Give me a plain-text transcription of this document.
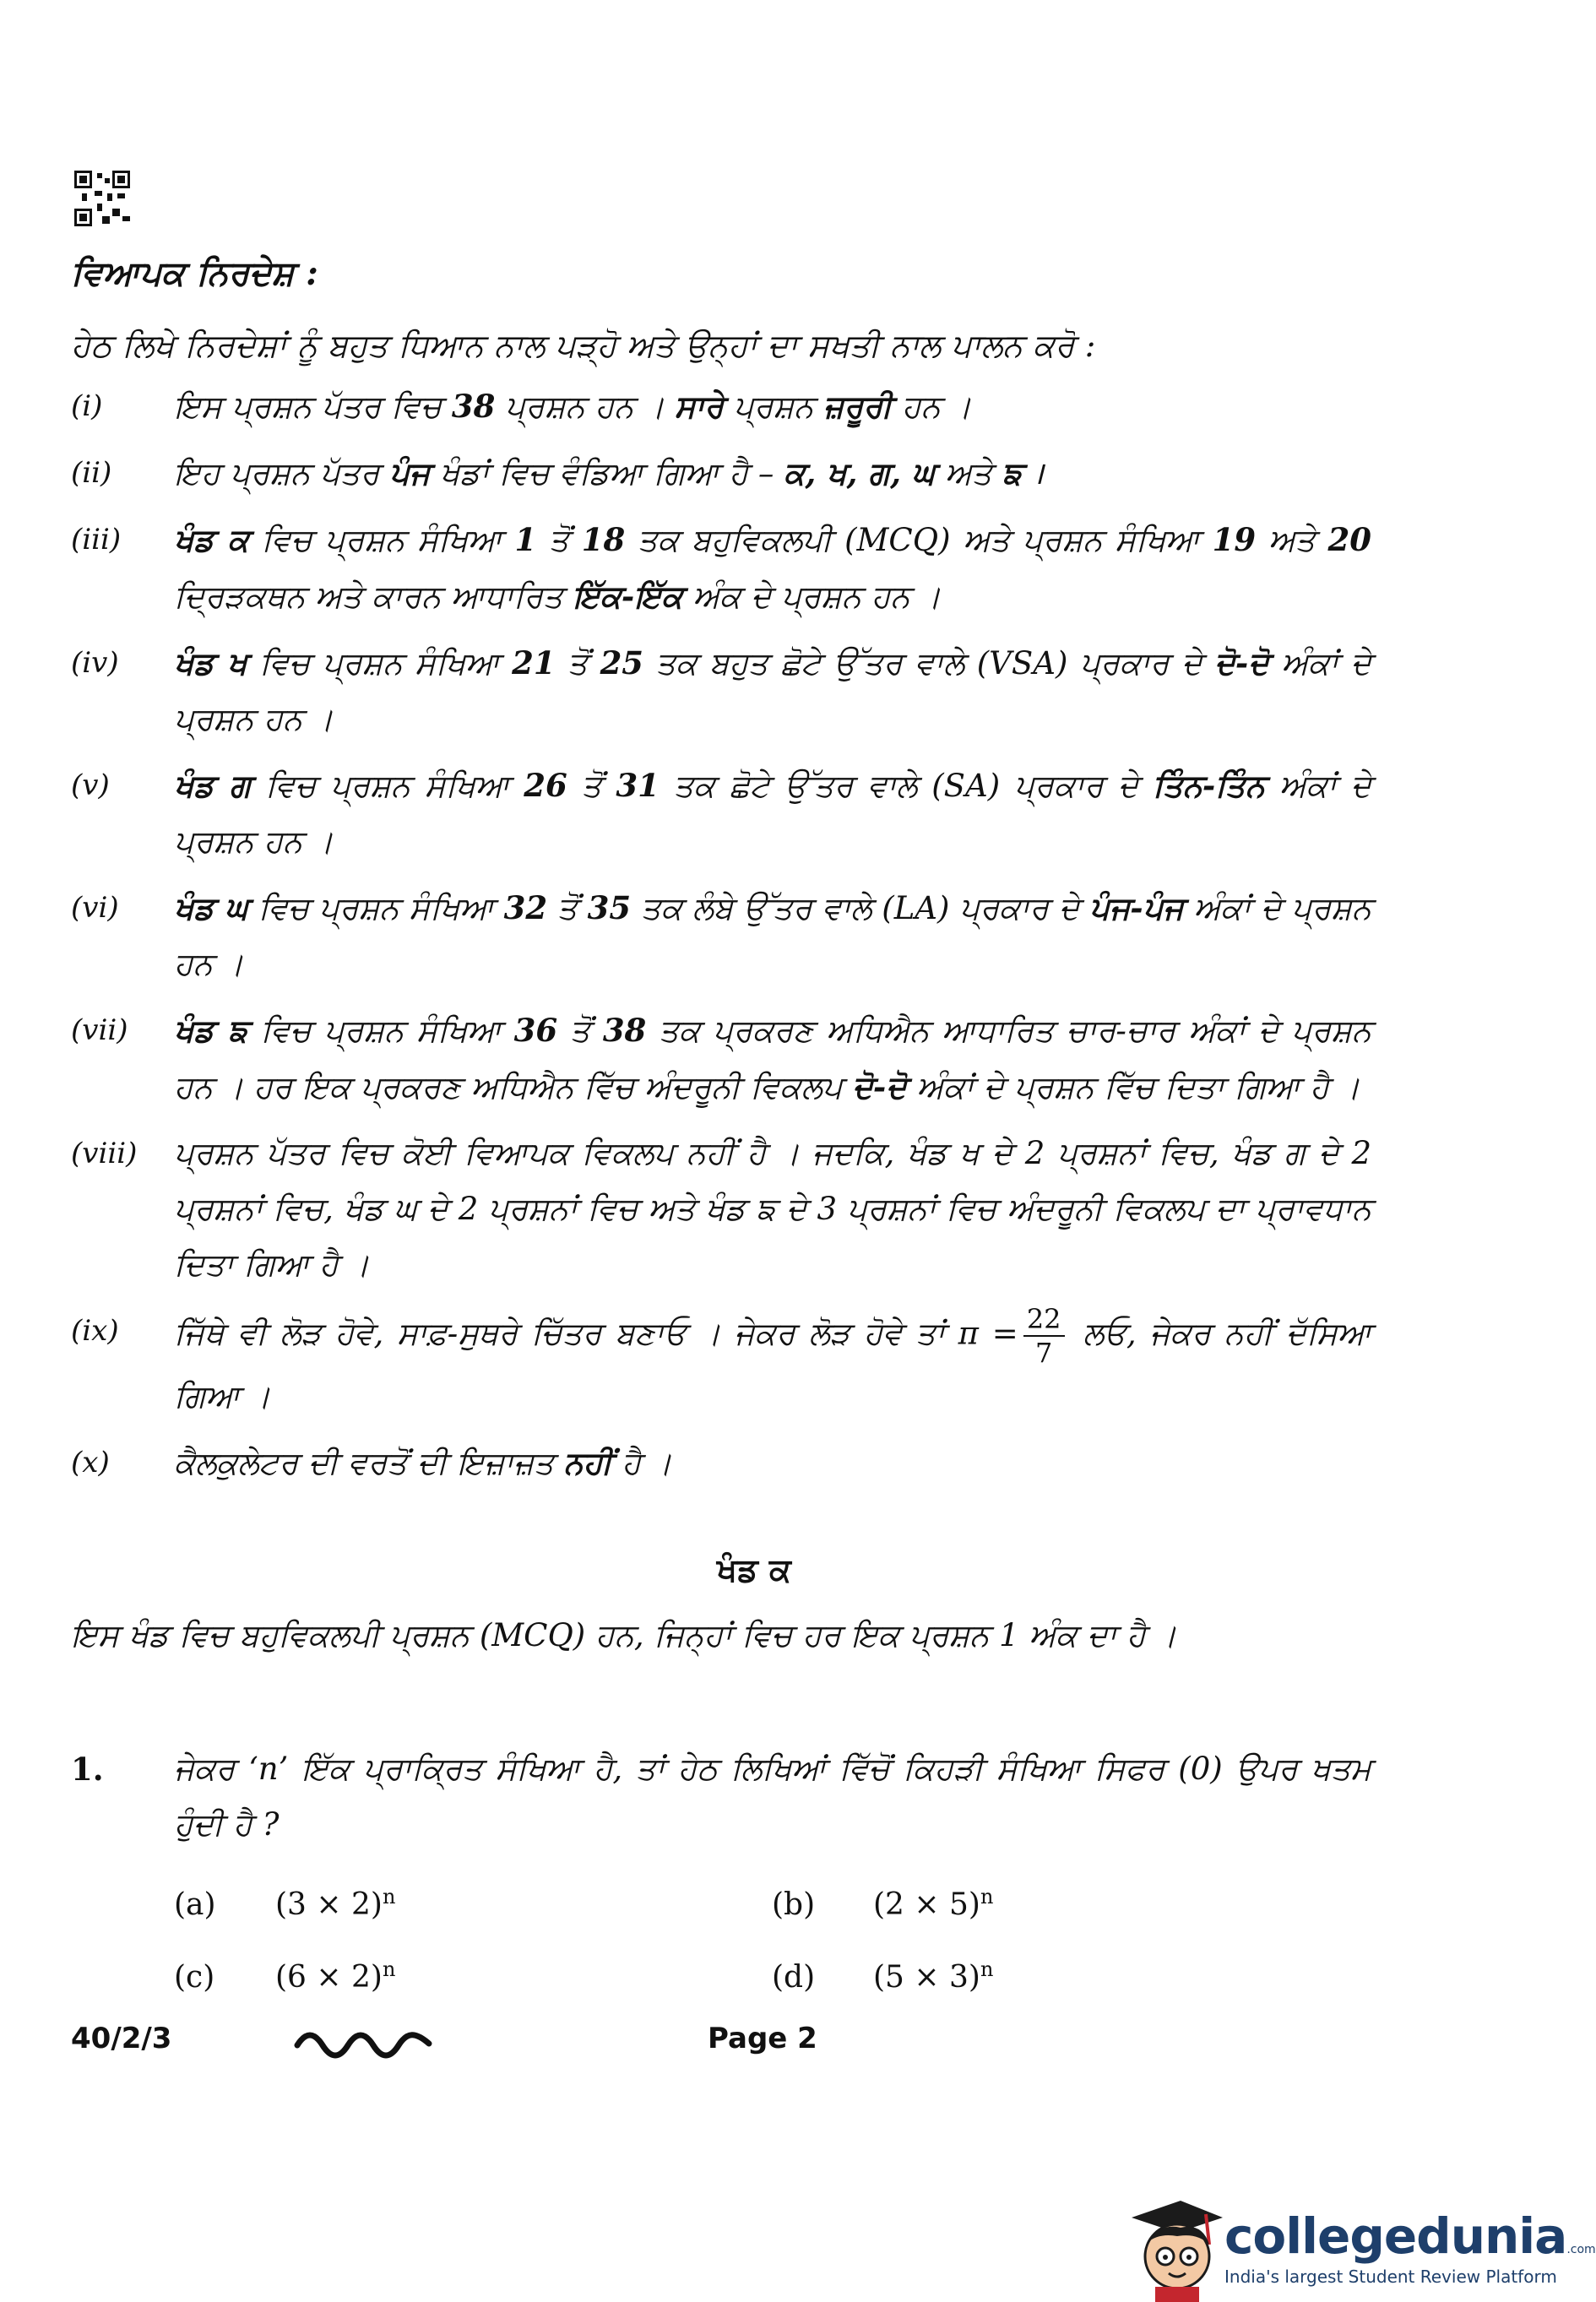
ਵਿਆਪਕ ਨਿਰਦੇਸ਼ :
ਹੇਠ ਲਿਖੇ ਨਿਰਦੇਸ਼ਾਂ ਨੂੰ ਬਹੁਤ ਧਿਆਨ ਨਾਲ ਪੜ੍ਹੋ ਅਤੇ ਉਨ੍ਹਾਂ ਦਾ ਸਖਤੀ ਨਾਲ ਪਾਲਨ ਕਰੋ :
(i) ਇਸ ਪ੍ਰਸ਼ਨ ਪੱਤਰ ਵਿਚ 38 ਪ੍ਰਸ਼ਨ ਹਨ । ਸਾਰੇ ਪ੍ਰਸ਼ਨ ਜ਼ਰੂਰੀ ਹਨ ।
(ii) ਇਹ ਪ੍ਰਸ਼ਨ ਪੱਤਰ ਪੰਜ ਖੰਡਾਂ ਵਿਚ ਵੰਡਿਆ ਗਿਆ ਹੈ – ਕ, ਖ, ਗ, ਘ ਅਤੇ ਙ ।
(iii) ਖੰਡ ਕ ਵਿਚ ਪ੍ਰਸ਼ਨ ਸੰਖਿਆ 1 ਤੋਂ 18 ਤਕ ਬਹੁਵਿਕਲਪੀ (MCQ) ਅਤੇ ਪ੍ਰਸ਼ਨ ਸੰਖਿਆ 19 ਅਤੇ 20 ਦ੍ਰਿੜਕਥਨ ਅਤੇ ਕਾਰਨ ਆਧਾਰਿਤ ਇੱਕ-ਇੱਕ ਅੰਕ ਦੇ ਪ੍ਰਸ਼ਨ ਹਨ ।
(iv) ਖੰਡ ਖ ਵਿਚ ਪ੍ਰਸ਼ਨ ਸੰਖਿਆ 21 ਤੋਂ 25 ਤਕ ਬਹੁਤ ਛੋਟੇ ਉੱਤਰ ਵਾਲੇ (VSA) ਪ੍ਰਕਾਰ ਦੇ ਦੋ-ਦੋ ਅੰਕਾਂ ਦੇ ਪ੍ਰਸ਼ਨ ਹਨ ।
(v) ਖੰਡ ਗ ਵਿਚ ਪ੍ਰਸ਼ਨ ਸੰਖਿਆ 26 ਤੋਂ 31 ਤਕ ਛੋਟੇ ਉੱਤਰ ਵਾਲੇ (SA) ਪ੍ਰਕਾਰ ਦੇ ਤਿੰਨ-ਤਿੰਨ ਅੰਕਾਂ ਦੇ ਪ੍ਰਸ਼ਨ ਹਨ ।
(vi) ਖੰਡ ਘ ਵਿਚ ਪ੍ਰਸ਼ਨ ਸੰਖਿਆ 32 ਤੋਂ 35 ਤਕ ਲੰਬੇ ਉੱਤਰ ਵਾਲੇ (LA) ਪ੍ਰਕਾਰ ਦੇ ਪੰਜ-ਪੰਜ ਅੰਕਾਂ ਦੇ ਪ੍ਰਸ਼ਨ ਹਨ ।
(vii) ਖੰਡ ਙ ਵਿਚ ਪ੍ਰਸ਼ਨ ਸੰਖਿਆ 36 ਤੋਂ 38 ਤਕ ਪ੍ਰਕਰਣ ਅਧਿਐਨ ਆਧਾਰਿਤ ਚਾਰ-ਚਾਰ ਅੰਕਾਂ ਦੇ ਪ੍ਰਸ਼ਨ ਹਨ । ਹਰ ਇਕ ਪ੍ਰਕਰਣ ਅਧਿਐਨ ਵਿੱਚ ਅੰਦਰੂਨੀ ਵਿਕਲਪ ਦੋ-ਦੋ ਅੰਕਾਂ ਦੇ ਪ੍ਰਸ਼ਨ ਵਿੱਚ ਦਿਤਾ ਗਿਆ ਹੈ ।
(viii) ਪ੍ਰਸ਼ਨ ਪੱਤਰ ਵਿਚ ਕੋਈ ਵਿਆਪਕ ਵਿਕਲਪ ਨਹੀਂ ਹੈ । ਜਦਕਿ, ਖੰਡ ਖ ਦੇ 2 ਪ੍ਰਸ਼ਨਾਂ ਵਿਚ, ਖੰਡ ਗ ਦੇ 2 ਪ੍ਰਸ਼ਨਾਂ ਵਿਚ, ਖੰਡ ਘ ਦੇ 2 ਪ੍ਰਸ਼ਨਾਂ ਵਿਚ ਅਤੇ ਖੰਡ ਙ ਦੇ 3 ਪ੍ਰਸ਼ਨਾਂ ਵਿਚ ਅੰਦਰੂਨੀ ਵਿਕਲਪ ਦਾ ਪ੍ਰਾਵਧਾਨ ਦਿਤਾ ਗਿਆ ਹੈ ।
(ix) ਜਿੱਥੇ ਵੀ ਲੋੜ ਹੋਵੇ, ਸਾਫ਼-ਸੁਥਰੇ ਚਿੱਤਰ ਬਣਾਓ । ਜੇਕਰ ਲੋੜ ਹੋਵੇ ਤਾਂ $\pi = \frac{22}{7}$ ਲਓ, ਜੇਕਰ ਨਹੀਂ ਦੱਸਿਆ ਗਿਆ ।
(x) ਕੈਲਕੁਲੇਟਰ ਦੀ ਵਰਤੋਂ ਦੀ ਇਜ਼ਾਜ਼ਤ ਨਹੀਂ ਹੈ ।
ਖੰਡ ਕ
ਇਸ ਖੰਡ ਵਿਚ ਬਹੁਵਿਕਲਪੀ ਪ੍ਰਸ਼ਨ (MCQ) ਹਨ, ਜਿਨ੍ਹਾਂ ਵਿਚ ਹਰ ਇਕ ਪ੍ਰਸ਼ਨ 1 ਅੰਕ ਦਾ ਹੈ ।
1. ਜੇਕਰ ‘n’ ਇੱਕ ਪ੍ਰਾਕ੍ਰਿਤ ਸੰਖਿਆ ਹੈ, ਤਾਂ ਹੇਠ ਲਿਖਿਆਂ ਵਿੱਚੋਂ ਕਿਹੜੀ ਸੰਖਿਆ ਸਿਫਰ (0) ਉਪਰ ਖਤਮ ਹੁੰਦੀ ਹੈ ?
(a) $(3 \times 2)^n$	(b) $(2 \times 5)^n$
(c) $(6 \times 2)^n$	(d) $(5 \times 3)^n$
40/2/3	Page 2
collegedunia.com
India's largest Student Review Platform
